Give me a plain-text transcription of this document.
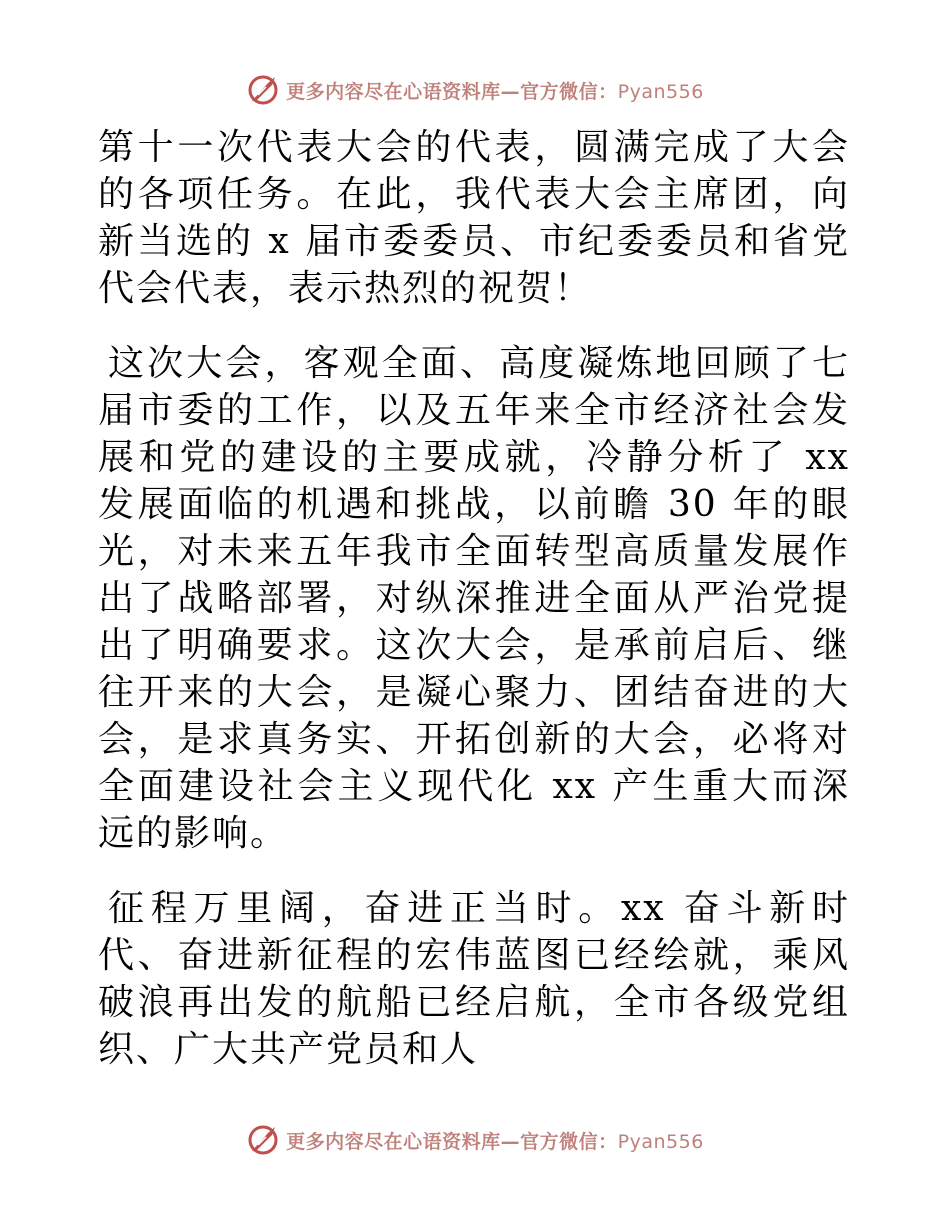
更多内容尽在心语资料库—官方微信：Pyan556

第十一次代表大会的代表，圆满完成了大会的各项任务。在此，我代表大会主席团，向新当选的 x 届市委委员、市纪委委员和省党代会代表，表示热烈的祝贺！

这次大会，客观全面、高度凝炼地回顾了七届市委的工作，以及五年来全市经济社会发展和党的建设的主要成就，冷静分析了 xx 发展面临的机遇和挑战，以前瞻 30 年的眼光，对未来五年我市全面转型高质量发展作出了战略部署，对纵深推进全面从严治党提出了明确要求。这次大会，是承前启后、继往开来的大会，是凝心聚力、团结奋进的大会，是求真务实、开拓创新的大会，必将对全面建设社会主义现代化 xx 产生重大而深远的影响。

征程万里阔，奋进正当时。xx 奋斗新时代、奋进新征程的宏伟蓝图已经绘就，乘风破浪再出发的航船已经启航，全市各级党组织、广大共产党员和人

更多内容尽在心语资料库—官方微信：Pyan556
